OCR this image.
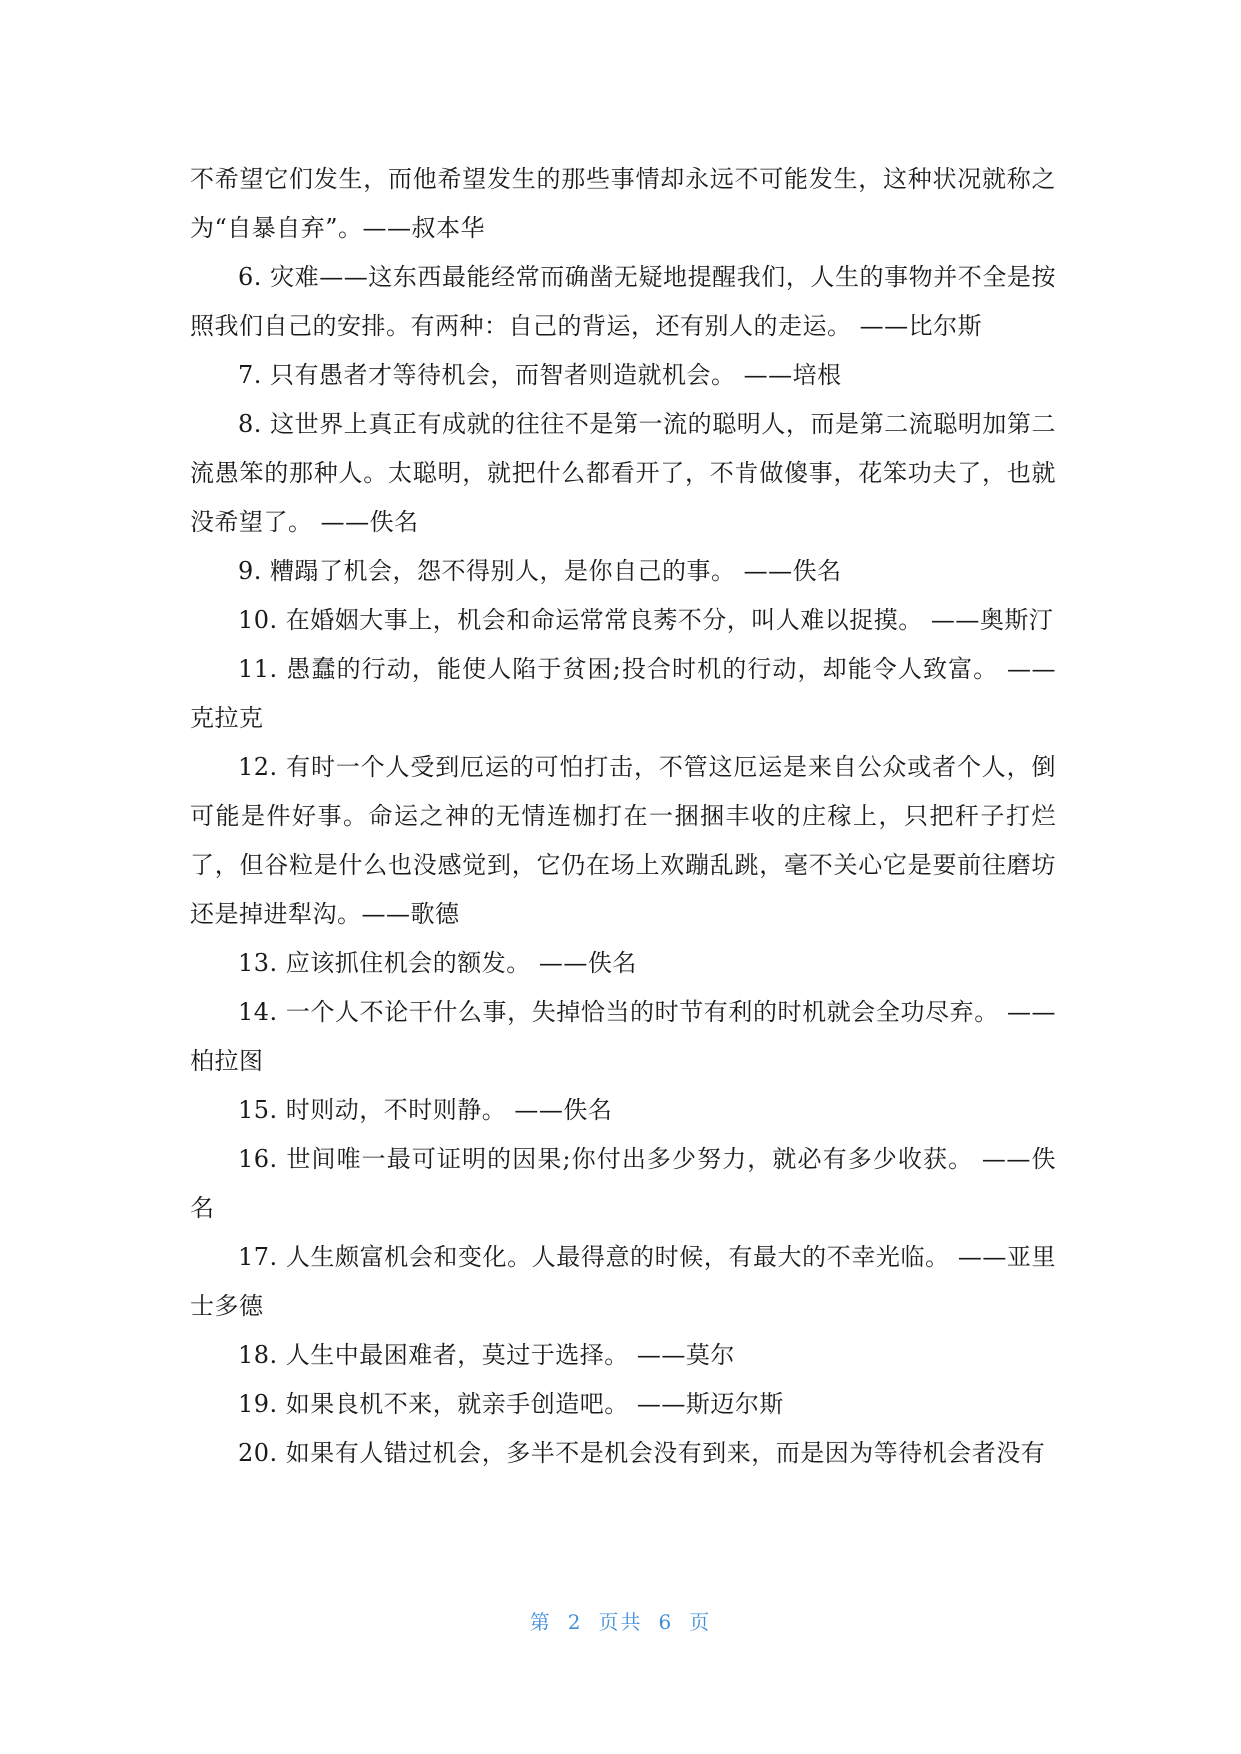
不希望它们发生，而他希望发生的那些事情却永远不可能发生，这种状况就称之为“自暴自弃”。——叔本华

6. 灾难——这东西最能经常而确凿无疑地提醒我们，人生的事物并不全是按照我们自己的安排。有两种：自己的背运，还有别人的走运。 ——比尔斯

7. 只有愚者才等待机会，而智者则造就机会。 ——培根

8. 这世界上真正有成就的往往不是第一流的聪明人，而是第二流聪明加第二流愚笨的那种人。太聪明，就把什么都看开了，不肯做傻事，花笨功夫了，也就没希望了。 ——佚名

9. 糟蹋了机会，怨不得别人，是你自己的事。 ——佚名

10. 在婚姻大事上，机会和命运常常良莠不分，叫人难以捉摸。 ——奥斯汀

11. 愚蠢的行动，能使人陷于贫困;投合时机的行动，却能令人致富。 ——克拉克

12. 有时一个人受到厄运的可怕打击，不管这厄运是来自公众或者个人，倒可能是件好事。命运之神的无情连枷打在一捆捆丰收的庄稼上，只把秆子打烂了，但谷粒是什么也没感觉到，它仍在场上欢蹦乱跳，毫不关心它是要前往磨坊还是掉进犁沟。——歌德

13. 应该抓住机会的额发。 ——佚名

14. 一个人不论干什么事，失掉恰当的时节有利的时机就会全功尽弃。 ——柏拉图

15. 时则动，不时则静。 ——佚名

16. 世间唯一最可证明的因果;你付出多少努力，就必有多少收获。 ——佚名

17. 人生颇富机会和变化。人最得意的时候，有最大的不幸光临。 ——亚里士多德

18. 人生中最困难者，莫过于选择。 ——莫尔

19. 如果良机不来，就亲手创造吧。 ——斯迈尔斯

20. 如果有人错过机会，多半不是机会没有到来，而是因为等待机会者没有

第 2 页共 6 页
